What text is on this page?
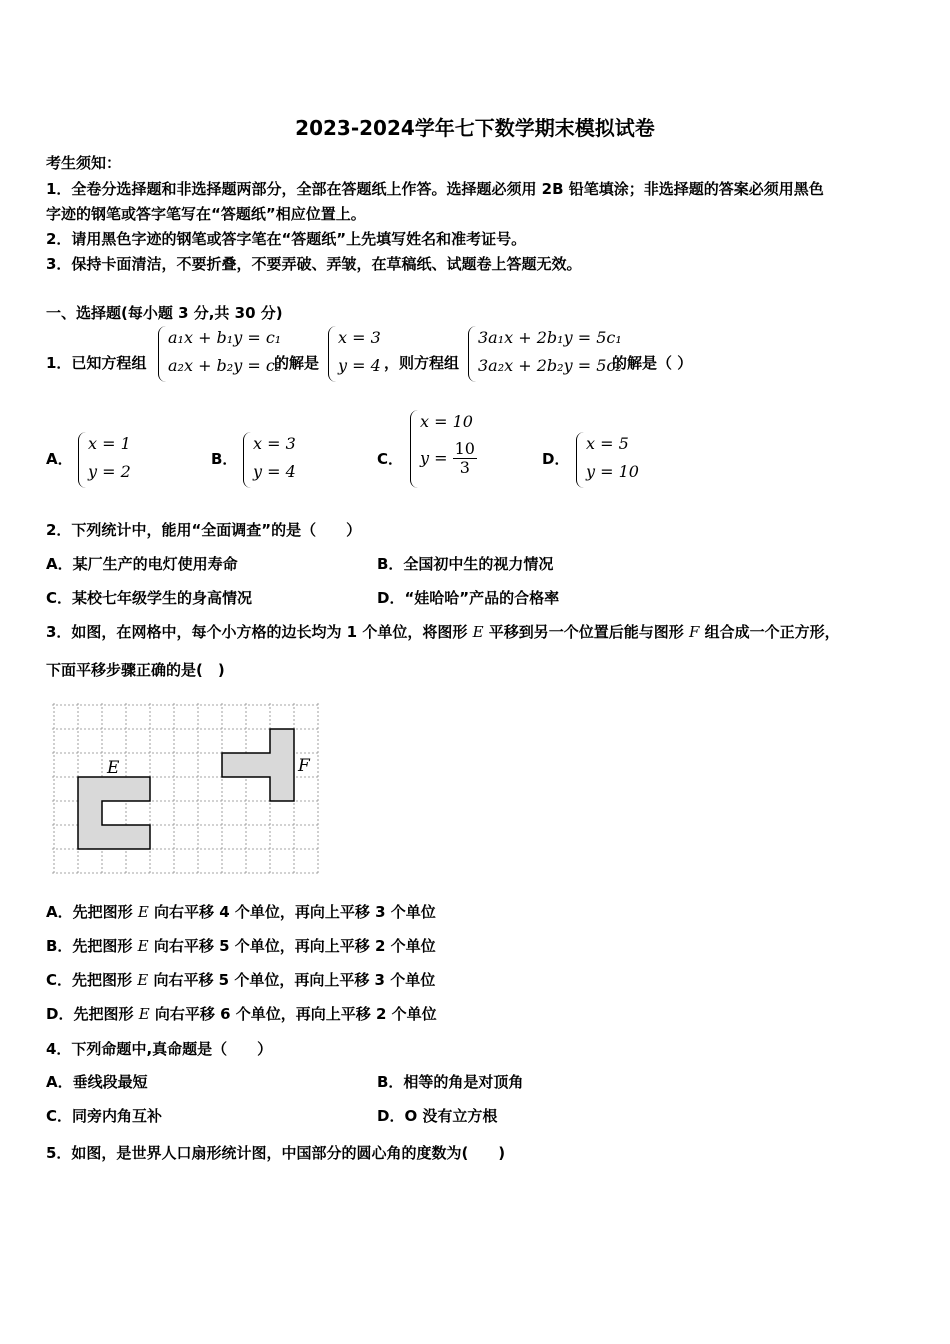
2023-2024学年七下数学期末模拟试卷
考生须知：
1．全卷分选择题和非选择题两部分，全部在答题纸上作答。选择题必须用 2B 铅笔填涂；非选择题的答案必须用黑色
字迹的钢笔或答字笔写在“答题纸”相应位置上。
2．请用黑色字迹的钢笔或答字笔在“答题纸”上先填写姓名和准考证号。
3．保持卡面清洁，不要折叠，不要弄破、弄皱，在草稿纸、试题卷上答题无效。
一、选择题(每小题 3 分,共 30 分)
1．已知方程组
a₁x + b₁y = c₁
a₂x + b₂y = c₂
的解是
x = 3
y = 4 ，则方程组
3a₁x + 2b₁y = 5c₁
3a₂x + 2b₂y = 5c₂
的解是（ ）
A．
x = 1
y = 2
B．
x = 3
y = 4
C．
x = 10
$y = \frac{10}{3}$	D．
x = 5
y = 10
2．下列统计中，能用“全面调查”的是（　　）
A．某厂生产的电灯使用寿命	B．全国初中生的视力情况
C．某校七年级学生的身高情况	D．“娃哈哈”产品的合格率
3．如图，在网格中，每个小方格的边长均为 1 个单位，将图形 E 平移到另一个位置后能与图形 F 组合成一个正方形，
下面平移步骤正确的是(　)
E	F
A．先把图形 E 向右平移 4 个单位，再向上平移 3 个单位
B．先把图形 E 向右平移 5 个单位，再向上平移 2 个单位
C．先把图形 E 向右平移 5 个单位，再向上平移 3 个单位
D．先把图形 E 向右平移 6 个单位，再向上平移 2 个单位
4．下列命题中,真命题是（　　）
A．垂线段最短	B．相等的角是对顶角
C．同旁内角互补	D．O 没有立方根
5．如图，是世界人口扇形统计图，中国部分的圆心角的度数为(　　)
